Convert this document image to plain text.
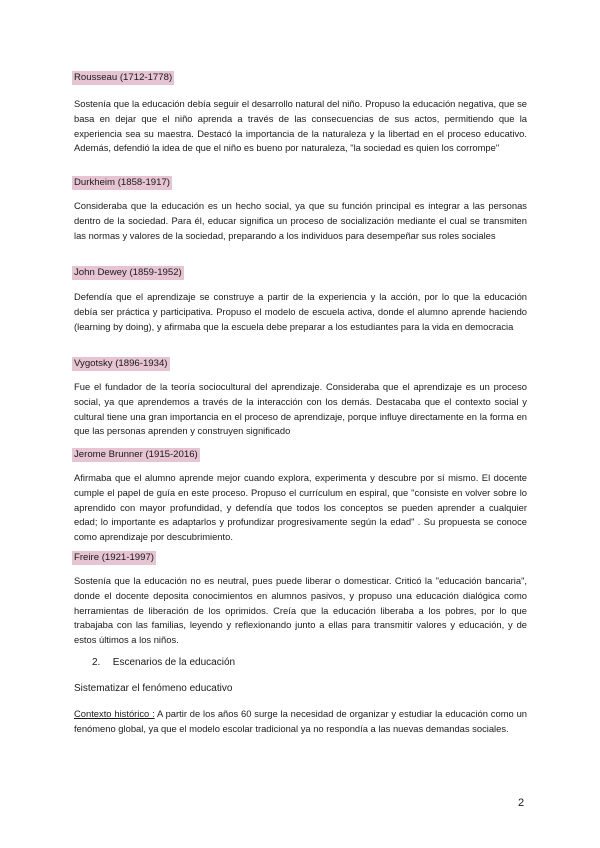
Rousseau (1712-1778)

Sostenía que la educación debía seguir el desarrollo natural del niño. Propuso la educación negativa, que se basa en dejar que el niño aprenda a través de las consecuencias de sus actos, permitiendo que la experiencia sea su maestra. Destacó la importancia de la naturaleza y la libertad en el proceso educativo. Además, defendió la idea de que el niño es bueno por naturaleza, "la sociedad es quien los corrompe"

Durkheim (1858-1917)

Consideraba que la educación es un hecho social, ya que su función principal es integrar a las personas dentro de la sociedad. Para él, educar significa un proceso de socialización mediante el cual se transmiten las normas y valores de la sociedad, preparando a los individuos para desempeñar sus roles sociales

John Dewey (1859-1952)

Defendía que el aprendizaje se construye a partir de la experiencia y la acción, por lo que la educación debía ser práctica y participativa. Propuso el modelo de escuela activa, donde el alumno aprende haciendo (learning by doing), y afirmaba que la escuela debe preparar a los estudiantes para la vida en democracia

Vygotsky (1896-1934)

Fue el fundador de la teoría sociocultural del aprendizaje. Consideraba que el aprendizaje es un proceso social, ya que aprendemos a través de la interacción con los demás. Destacaba que el contexto social y cultural tiene una gran importancia en el proceso de aprendizaje, porque influye directamente en la forma en que las personas aprenden y construyen significado

Jerome Brunner (1915-2016)

Afirmaba que el alumno aprende mejor cuando explora, experimenta y descubre por sí mismo. El docente cumple el papel de guía en este proceso. Propuso el currículum en espiral, que "consiste en volver sobre lo aprendido con mayor profundidad, y defendía que todos los conceptos se pueden aprender a cualquier edad; lo importante es adaptarlos y profundizar progresivamente según la edad" . Su propuesta se conoce como aprendizaje por descubrimiento.

Freire (1921-1997)

Sostenía que la educación no es neutral, pues puede liberar o domesticar. Criticó la "educación bancaria", donde el docente deposita conocimientos en alumnos pasivos, y propuso una educación dialógica como herramientas de liberación de los oprimidos. Creía que la educación liberaba a los pobres, por lo que trabajaba con las familias, leyendo y reflexionando junto a ellas para transmitir valores y educación, y de estos últimos a los niños.

2. Escenarios de la educación
Sistematizar el fenómeno educativo

Contexto histórico : A partir de los años 60 surge la necesidad de organizar y estudiar la educación como un fenómeno global, ya que el modelo escolar tradicional ya no respondía a las nuevas demandas sociales.

2
